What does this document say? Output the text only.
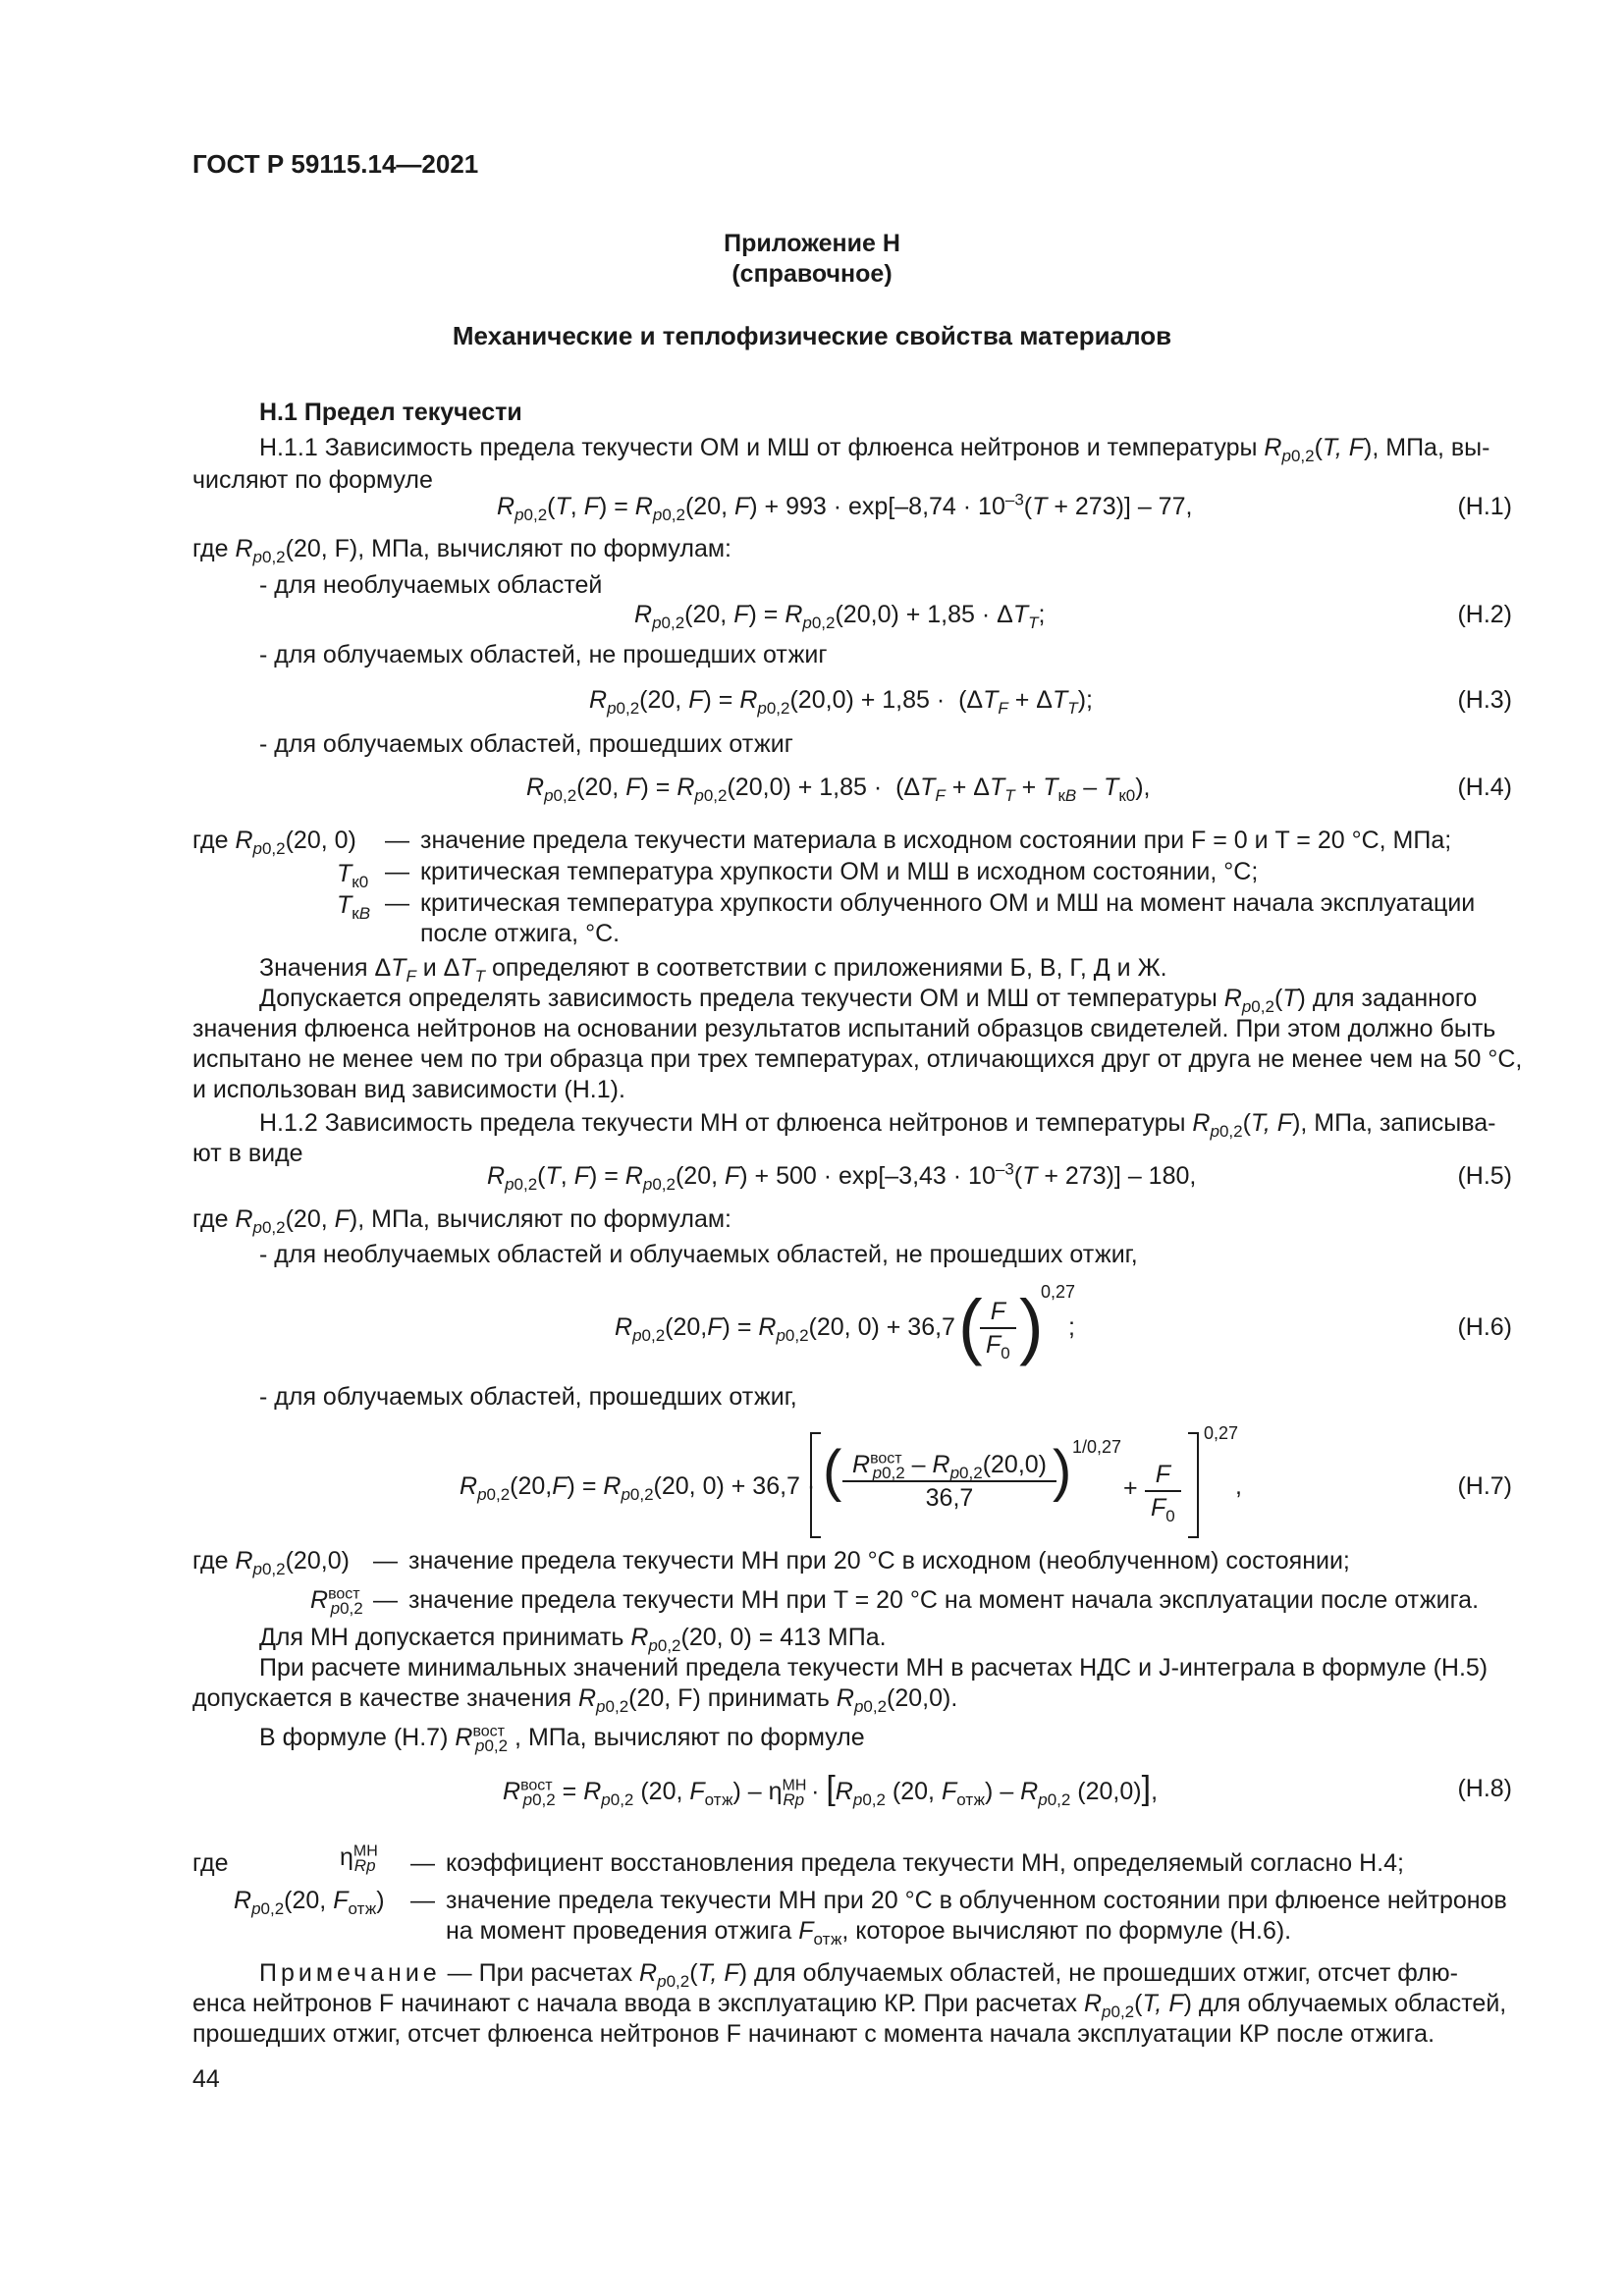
ГОСТ Р 59115.14—2021
Приложение Н
(справочное)
Механические и теплофизические свойства материалов
Н.1 Предел текучести
Н.1.1 Зависимость предела текучести ОМ и МШ от флюенса нейтронов и температуры $R_{p0,2}(T$, F), МПа, вы-
числяют по формуле
$R_{p0,2}(T$, $F) = R_{p0,2}(20$, $F) + 993 \cdot \exp[-8,74 \cdot 10^{-3}(T + 273)] - 77$,	(Н.1)
где $R_{p0,2}(20$, F), МПа, вычисляют по формулам:
- для необлучаемых областей
$R_{p0,2}(20$, $F) = R_{p0,2}(20,0) + 1,85 \cdot \Delta T_T$;	(Н.2)
- для облучаемых областей, не прошедших отжиг
$R_{p0,2}(20$, $F) = R_{p0,2}(20,0) + 1,85 \cdot (\Delta T_F + \Delta T_T)$;	(Н.3)
- для облучаемых областей, прошедших отжиг
$R_{p0,2}(20$, $F) = R_{p0,2}(20,0) + 1,85 \cdot (\Delta T_F + \Delta T_T + T_{кB} - T_{к0})$,	(Н.4)
где $R_{p0,2}(20$, 0) — значение предела текучести материала в исходном состоянии при F = 0 и T = 20 °С, МПа;
$T_{к0}$ — критическая температура хрупкости ОМ и МШ в исходном состоянии, °С;
$T_{кB}$ — критическая температура хрупкости облученного ОМ и МШ на момент начала эксплуатации
после отжига, °С.
Значения $\Delta T_F$ и $\Delta T_T$ определяют в соответствии с приложениями Б, В, Г, Д и Ж.
Допускается определять зависимость предела текучести ОМ и МШ от температуры $R_{p0,2}(T)$ для заданного
значения флюенса нейтронов на основании результатов испытаний образцов свидетелей. При этом должно быть
испытано не менее чем по три образца при трех температурах, отличающихся друг от друга не менее чем на 50 °С,
и использован вид зависимости (Н.1).
Н.1.2 Зависимость предела текучести МН от флюенса нейтронов и температуры $R_{p0,2}(T$, F), МПа, записыва-
ют в виде
$R_{p0,2}(T$, $F) = R_{p0,2}(20$, $F) + 500 \cdot \exp[-3,43 \cdot 10^{-3}(T + 273)] - 180$,	(Н.5)
где $R_{p0,2}(20$, F), МПа, вычисляют по формулам:
- для необлучаемых областей и облучаемых областей, не прошедших отжиг,
$R_{p0,2}(20,F) = R_{p0,2}(20$, 0) + 36,7 ·
(
$\frac{F}{F_0}$ )
0,27
;	(Н.6)
- для облучаемых областей, прошедших отжиг,
$R_{p0,2}(20,F) = R_{p0,2}(20$, 0) + 36,7 · ( $R^{вост}_{p0,2} - R_{p0,2}(20,0)$
36,7	) 1/0,27
+ $\frac{F}{F_0}$
0,27
,	(Н.7)
где $R_{p0,2}(20,0)$ — значение предела текучести МН при 20 °С в исходном (необлученном) состоянии;
$R^{вост}_{p0,2}$ — значение предела текучести МН при T = 20 °С на момент начала эксплуатации после отжига.
Для МН допускается принимать $R_{p0,2}(20$, 0) = 413 МПа.
При расчете минимальных значений предела текучести МН в расчетах НДС и J-интеграла в формуле (Н.5)
допускается в качестве значения $R_{p0,2}(20$, F) принимать $R_{p0,2}(20,0)$.
В формуле (Н.7) $R^{вост}_{p0,2}$ , МПа, вычисляют по формуле
$R^{вост}_{p0,2} = R_{p0,2}$ (20, $F_{отж}) - \eta^{МН}_{Rp} \cdot [R_{p0,2}$ (20, $F_{отж}) - R_{p0,2}$ (20,0)],	(Н.8)
где	$\eta^{МН}_{Rp}$ — коэффициент восстановления предела текучести МН, определяемый согласно Н.4;
$R_{p0,2}(20$, $F_{отж}$) — значение предела текучести МН при 20 °С в облученном состоянии при флюенсе нейтронов
на момент проведения отжига $F_{отж}$, которое вычисляют по формуле (Н.6).
Примечание — При расчетах $R_{p0,2}(T$, F) для облучаемых областей, не прошедших отжиг, отсчет флю-
енса нейтронов F начинают с начала ввода в эксплуатацию КР. При расчетах $R_{p0,2}(T$, F) для облучаемых областей,
прошедших отжиг, отсчет флюенса нейтронов F начинают с момента начала эксплуатации КР после отжига.
44
